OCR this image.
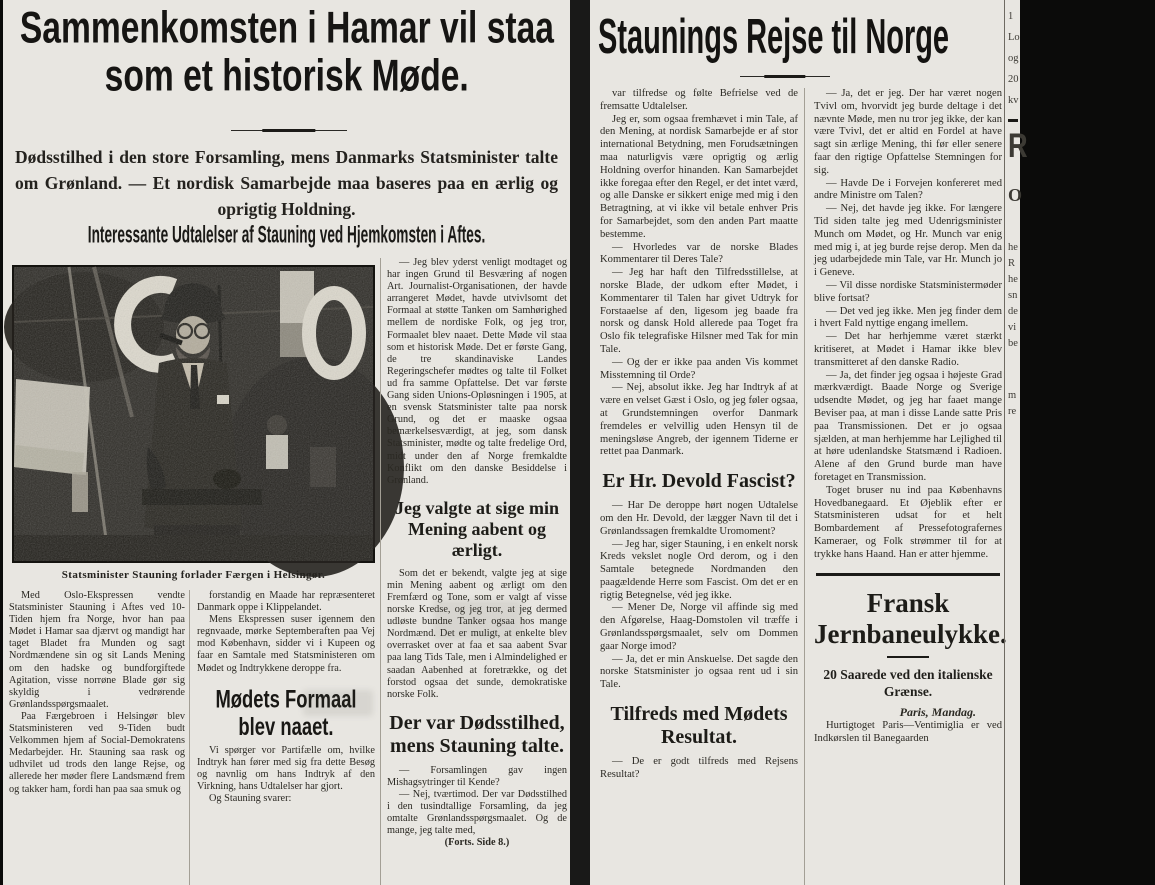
Sammenkomsten i Hamar vil staa
som et historisk Møde.
Dødsstilhed i den store Forsamling, mens Danmarks Statsminister talte om Grønland. — Et nordisk Samarbejde maa baseres paa en ærlig og oprigtig Holdning.
Interessante Udtalelser af Stauning ved Hjemkomsten i Aftes.
Statsminister Stauning forlader Færgen i Helsingør.

Med Oslo-Ekspressen vendte Statsminister Stauning i Aftes ved 10-Tiden hjem fra Norge, hvor han paa Mødet i Hamar saa djærvt og mandigt har taget Bladet fra Munden og sagt Nordmændene sin og sit Lands Mening om den hadske og bundforgiftede Agitation, visse norrøne Blade gør sig skyldig i vedrørende Grønlandsspørgsmaalet.

Paa Færgebroen i Helsingør blev Statsministeren ved 9-Tiden budt Velkommen hjem af Social-Demokratens Medarbejder. Hr. Stauning saa rask og udhvilet ud trods den lange Rejse, og allerede her møder flere Landsmænd frem og takker ham, fordi han paa saa smuk og

forstandig en Maade har repræsenteret Danmark oppe i Klippelandet.

Mens Ekspressen suser igennem den regnvaade, mørke Septemberaften paa Vej mod København, sidder vi i Kupeen og faar en Samtale med Statsministeren om Mødet og Indtrykkene deroppe fra.

Mødets Formaal blev naaet.

Vi spørger vor Partifælle om, hvilke Indtryk han fører med sig fra dette Besøg og navnlig om hans Indtryk af den Virkning, hans Udtalelser har gjort.

Og Stauning svarer:

— Jeg blev yderst venligt modtaget og har ingen Grund til Besværing af nogen Art. Journalist-Organisationen, der havde arrangeret Mødet, havde utvivlsomt det Formaal at støtte Tanken om Samhørighed mellem de nordiske Folk, og jeg tror, Formaalet blev naaet. Dette Møde vil staa som et historisk Møde. Det er første Gang, de tre skandinaviske Landes Regeringschefer mødtes og talte til Folket ud fra samme Opfattelse. Det var første Gang siden Unions-Opløsningen i 1905, at en svensk Statsminister talte paa norsk Grund, og det er maaske ogsaa bemærkelsesværdigt, at jeg, som dansk Statsminister, mødte og talte fredelige Ord, midt under den af Norge fremkaldte Konflikt om den danske Besiddelse i Grønland.

Jeg valgte at sige min Mening aabent og ærligt.

Som det er bekendt, valgte jeg at sige min Mening aabent og ærligt om den Fremfærd og Tone, som er valgt af visse norske Kredse, og jeg tror, at jeg dermed udløste bundne Tanker ogsaa hos mange Nordmænd. Det er muligt, at enkelte blev overrasket over at faa et saa aabent Svar paa lang Tids Tale, men i Almindelighed er saadan Aabenhed at foretrække, og det forstod ogsaa det sunde, demokratiske norske Folk.

Der var Dødsstilhed, mens Stauning talte.

— Forsamlingen gav ingen Mishagsytringer til Kende?

— Nej, tværtimod. Der var Dødsstilhed i den tusindtallige Forsamling, da jeg omtalte Grønlandsspørgsmaalet. Og de mange, jeg talte med,

(Forts. Side 8.)

Staunings Rejse til Norge

var tilfredse og følte Befrielse ved de fremsatte Udtalelser.

Jeg er, som ogsaa fremhævet i min Tale, af den Mening, at nordisk Samarbejde er af stor international Betydning, men Forudsætningen maa naturligvis være oprigtig og ærlig Holdning overfor hinanden. Kan Samarbejdet ikke foregaa efter den Regel, er det intet værd, og alle Danske er sikkert enige med mig i den Betragtning, at vi ikke vil betale enhver Pris for Samarbejdet, som den anden Part maatte bestemme.

— Hvorledes var de norske Blades Kommentarer til Deres Tale?

— Jeg har haft den Tilfredsstillelse, at norske Blade, der udkom efter Mødet, i Kommentarer til Talen har givet Udtryk for Forstaaelse af den, ligesom jeg baade fra norsk og dansk Hold allerede paa Toget fra Oslo fik telegrafiske Hilsner med Tak for min Tale.

— Og der er ikke paa anden Vis kommet Misstemning til Orde?

— Nej, absolut ikke. Jeg har Indtryk af at være en velset Gæst i Oslo, og jeg føler ogsaa, at Grundstemningen overfor Danmark fremdeles er velvillig uden Hensyn til de meningsløse Angreb, der igennem Tiderne er rettet paa Danmark.

Er Hr. Devold Fascist?

— Har De deroppe hørt nogen Udtalelse om den Hr. Devold, der lægger Navn til det i Grønlandssagen fremkaldte Uromoment?

— Jeg har, siger Stauning, i en enkelt norsk Kreds vekslet nogle Ord derom, og i den Samtale betegnede Nordmanden den paagældende Herre som Fascist. Om det er en rigtig Betegnelse, véd jeg ikke.

— Mener De, Norge vil affinde sig med den Afgørelse, Haag-Domstolen vil træffe i Grønlandsspørgsmaalet, selv om Dommen gaar Norge imod?

— Ja, det er min Anskuelse. Det sagde den norske Statsminister jo ogsaa rent ud i sin Tale.

Tilfreds med Mødets Resultat.

— De er godt tilfreds med Rejsens Resultat?

— Ja, det er jeg. Der har været nogen Tvivl om, hvorvidt jeg burde deltage i det nævnte Møde, men nu tror jeg ikke, der kan være Tvivl, det er altid en Fordel at have sagt sin ærlige Mening, thi før eller senere faar den rigtige Opfattelse Stemningen for sig.

— Havde De i Forvejen konfereret med andre Ministre om Talen?

— Nej, det havde jeg ikke. For længere Tid siden talte jeg med Udenrigsminister Munch om Mødet, og Hr. Munch var enig med mig i, at jeg burde rejse derop. Men da jeg udarbejdede min Tale, var Hr. Munch jo i Geneve.

— Vil disse nordiske Statsministermøder blive fortsat?

— Det ved jeg ikke. Men jeg finder dem i hvert Fald nyttige engang imellem.

— Det har herhjemme været stærkt kritiseret, at Mødet i Hamar ikke blev transmitteret af den danske Radio.

— Ja, det finder jeg ogsaa i højeste Grad mærkværdigt. Baade Norge og Sverige udsendte Mødet, og jeg har faaet mange Beviser paa, at man i disse Lande satte Pris paa Transmissionen. Det er jo ogsaa sjælden, at man herhjemme har Lejlighed til at høre udenlandske Statsmænd i Radioen. Alene af den Grund burde man have foretaget en Transmission.

Toget bruser nu ind paa Københavns Hovedbanegaard. Et Øjeblik efter er Statsministeren udsat for et helt Bombardement af Pressefotografernes Kameraer, og Folk strømmer til for at trykke hans Haand. Han er atter hjemme.

Fransk Jernbaneulykke.
20 Saarede ved den italienske Grænse.
Paris, Mandag.

Hurtigtoget Paris—Ventimiglia er ved Indkørslen til Banegaarden

1
Lo
og
20
kv
R
O
he
R
he
sn
de
vi
be
m
re
